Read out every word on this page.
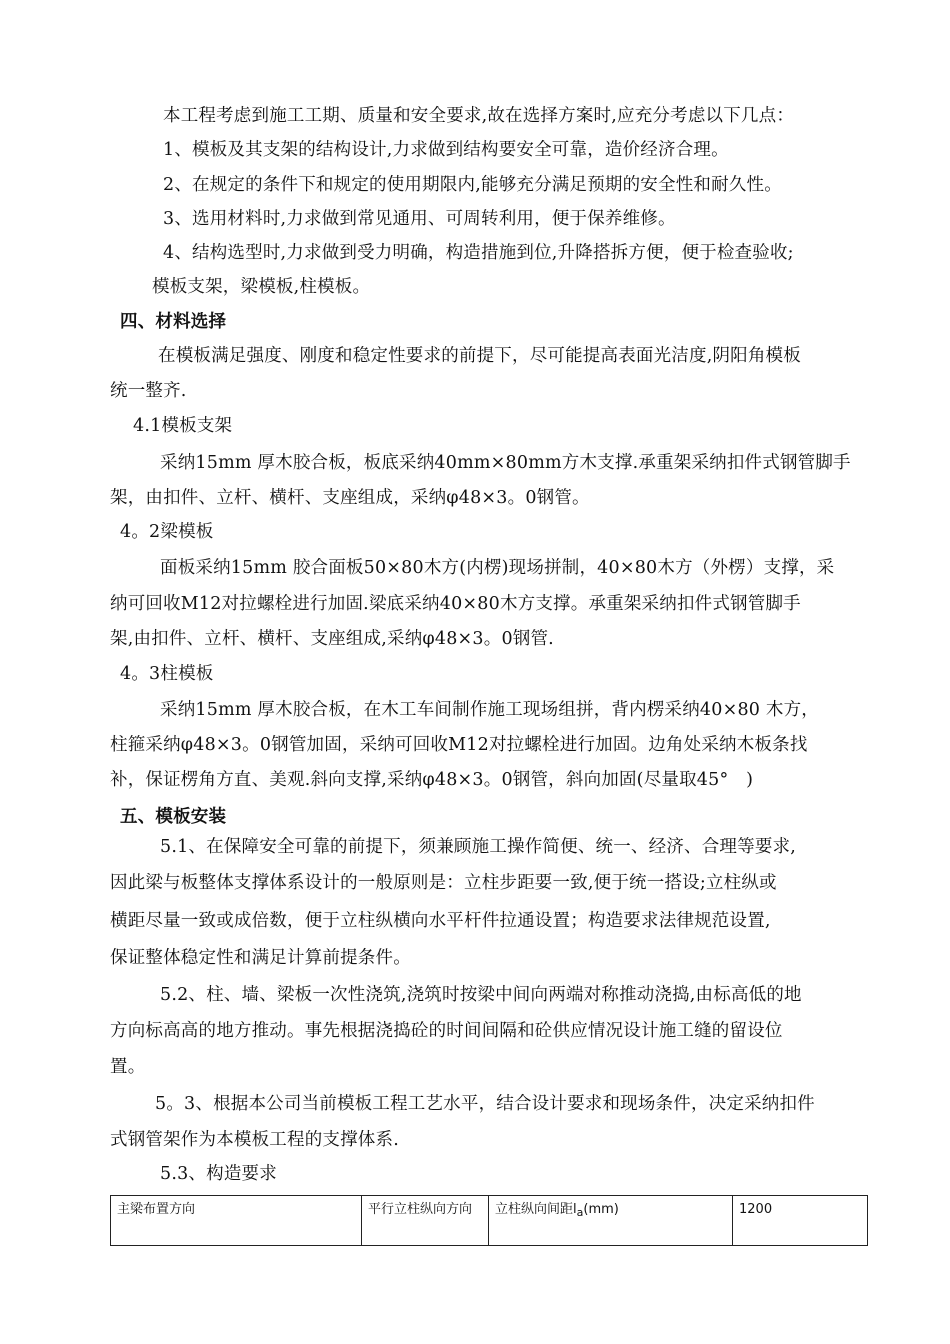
本工程考虑到施工工期、质量和安全要求,故在选择方案时,应充分考虑以下几点：
1、模板及其支架的结构设计,力求做到结构要安全可靠，造价经济合理。
2、在规定的条件下和规定的使用期限内,能够充分满足预期的安全性和耐久性。
3、选用材料时,力求做到常见通用、可周转利用，便于保养维修。
4、结构选型时,力求做到受力明确，构造措施到位,升降搭拆方便，便于检查验收;
模板支架，梁模板,柱模板。
四、材料选择
在模板满足强度、刚度和稳定性要求的前提下，尽可能提高表面光洁度,阴阳角模板
统一整齐.
4.1模板支架
采纳15mm 厚木胶合板，板底采纳40mm×80mm方木支撑.承重架采纳扣件式钢管脚手
架，由扣件、立杆、横杆、支座组成，采纳φ48×3。0钢管。
4。2梁模板
面板采纳15mm 胶合面板50×80木方(内楞)现场拼制，40×80木方（外楞）支撑，采
纳可回收M12对拉螺栓进行加固.梁底采纳40×80木方支撑。承重架采纳扣件式钢管脚手
架,由扣件、立杆、横杆、支座组成,采纳φ48×3。0钢管.
4。3柱模板
采纳15mm 厚木胶合板，在木工车间制作施工现场组拼，背内楞采纳40×80 木方，
柱箍采纳φ48×3。0钢管加固，采纳可回收M12对拉螺栓进行加固。边角处采纳木板条找
补，保证楞角方直、美观.斜向支撑,采纳φ48×3。0钢管，斜向加固(尽量取45°　)
五、模板安装
5.1、在保障安全可靠的前提下，须兼顾施工操作简便、统一、经济、合理等要求,
因此梁与板整体支撑体系设计的一般原则是：立柱步距要一致,便于统一搭设;立柱纵或
横距尽量一致或成倍数，便于立柱纵横向水平杆件拉通设置；构造要求法律规范设置,
保证整体稳定性和满足计算前提条件。
5.2、柱、墙、梁板一次性浇筑,浇筑时按梁中间向两端对称推动浇捣,由标高低的地
方向标高高的地方推动。事先根据浇捣砼的时间间隔和砼供应情况设计施工缝的留设位
置。
5。3、根据本公司当前模板工程工艺水平，结合设计要求和现场条件，决定采纳扣件
式钢管架作为本模板工程的支撑体系.
5.3、构造要求
主梁布置方向	平行立柱纵向方向	立柱纵向间距$l_a(mm)$	1200
